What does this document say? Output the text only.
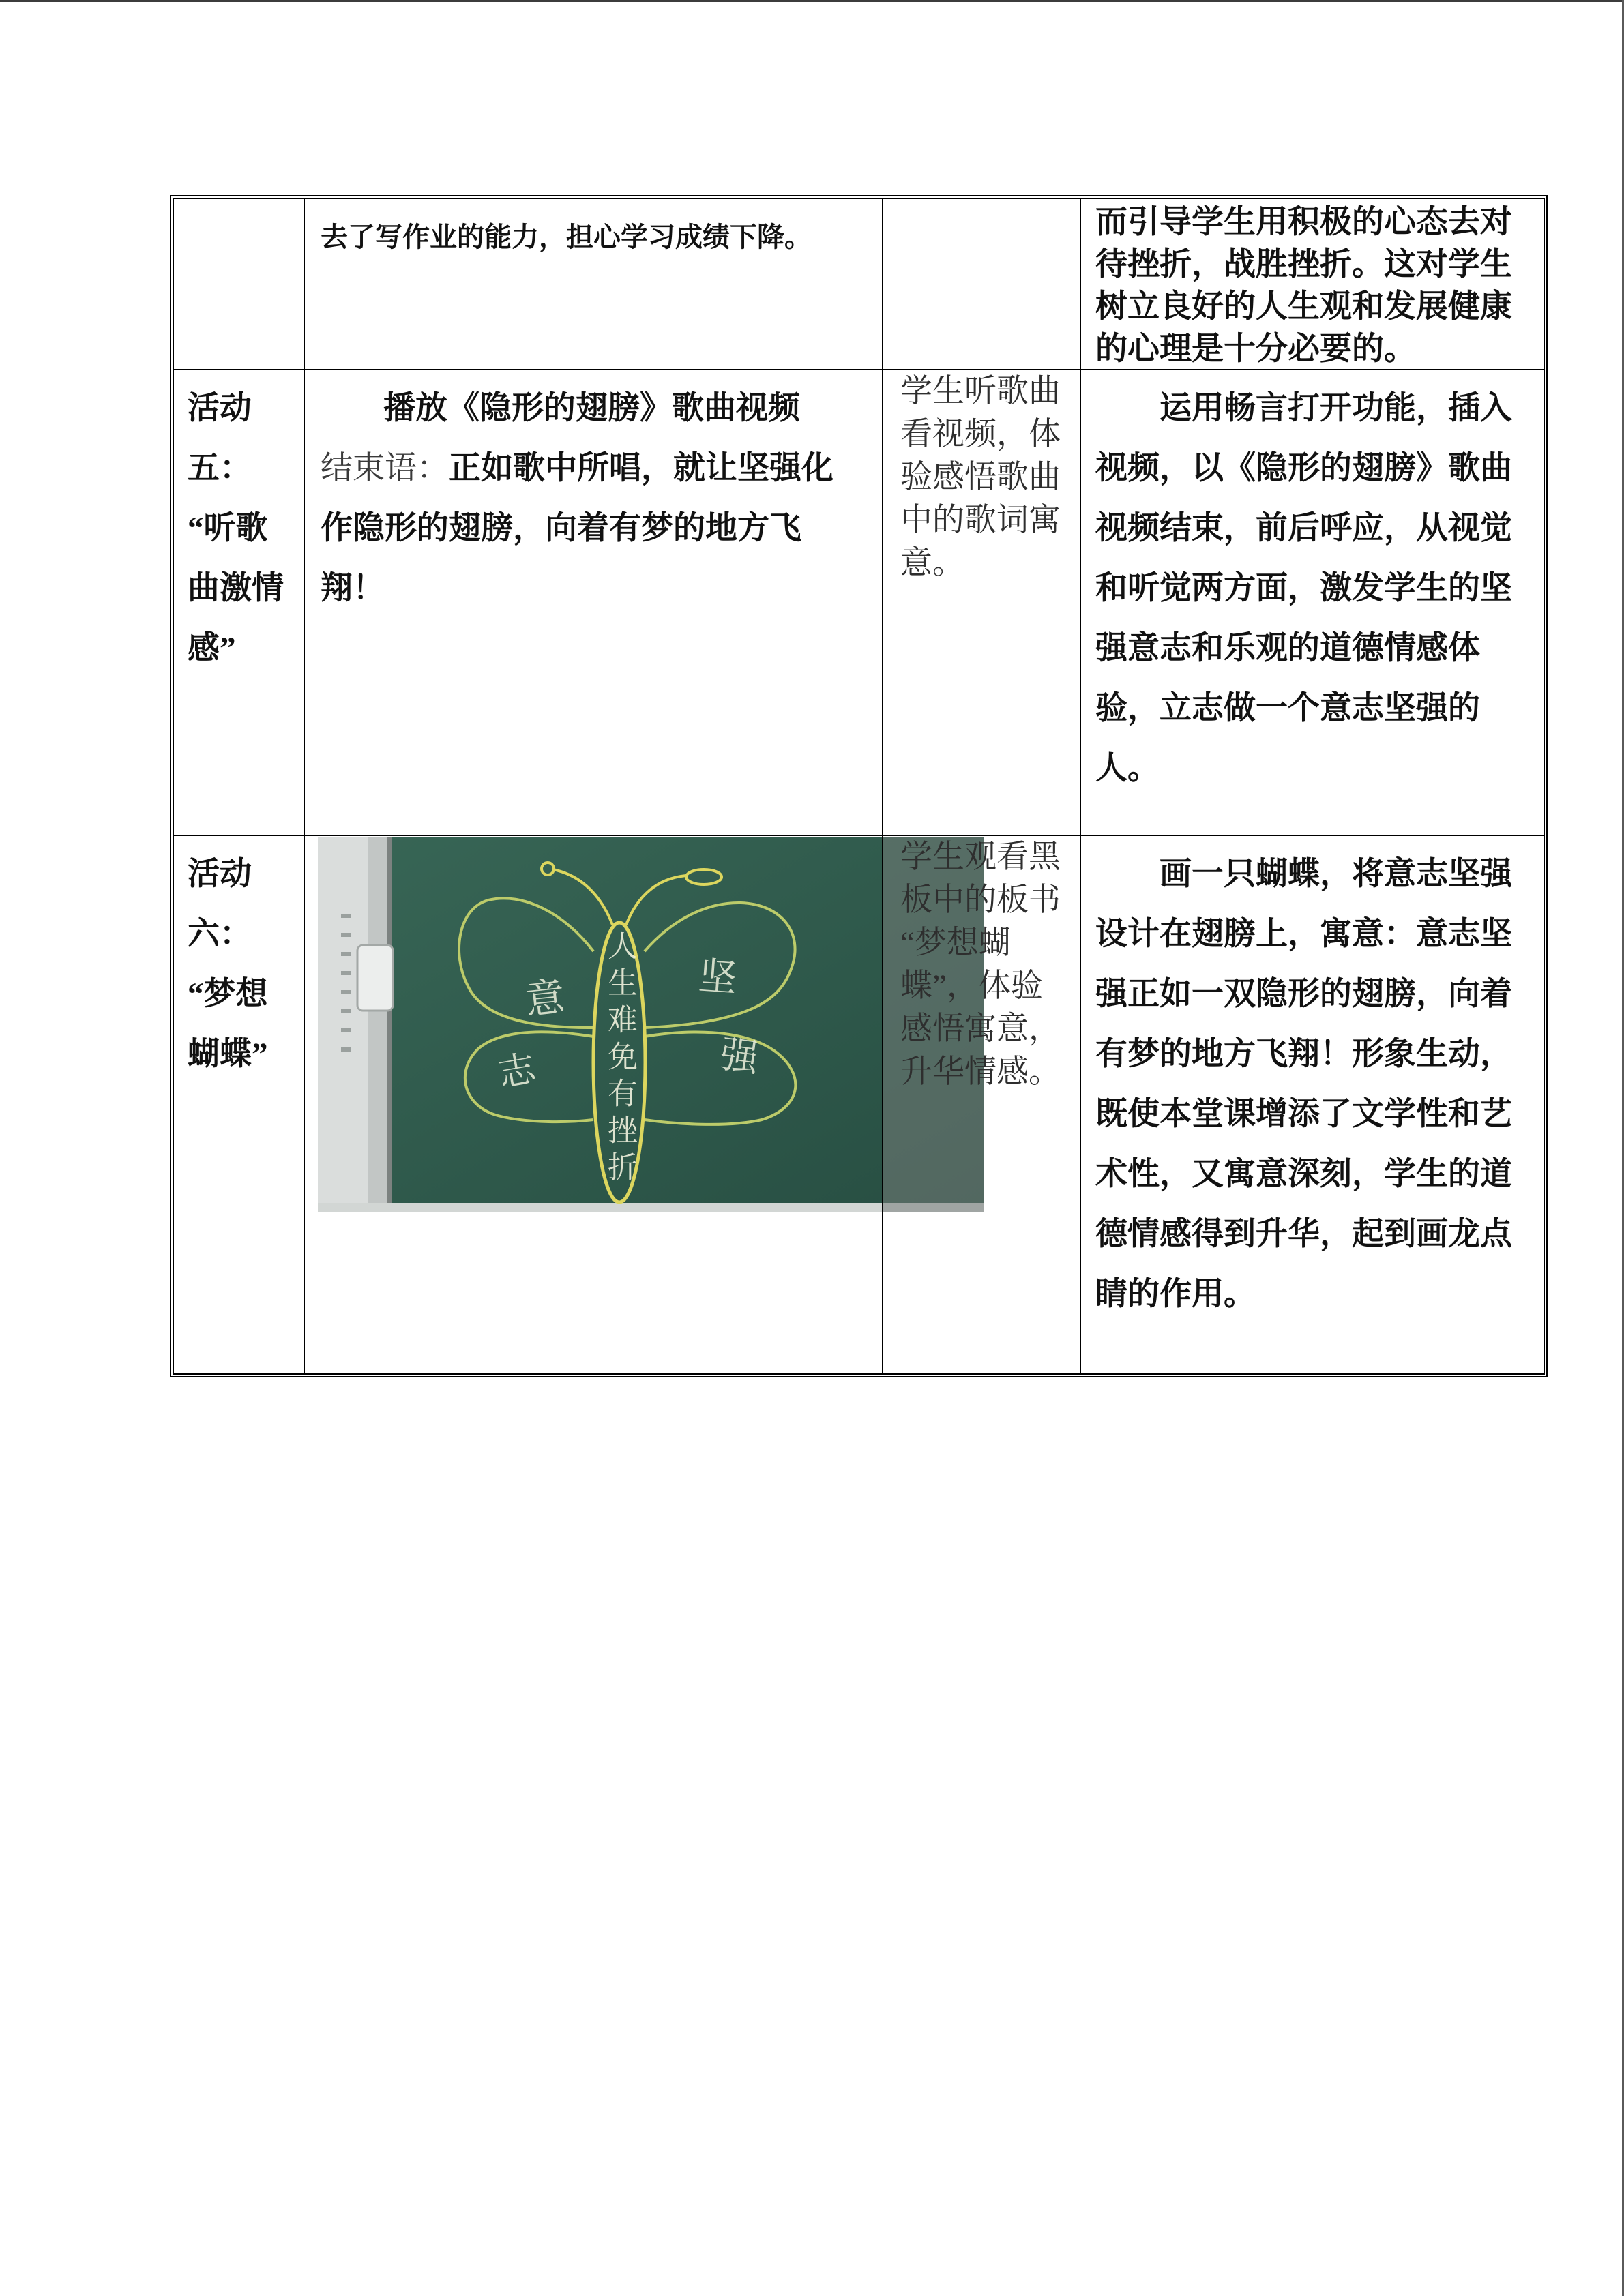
意
志
坚
强
人生难免有挫折
去了写作业的能力，担心学习成绩下降。	而引导学生用积极的心态去对
待挫折，战胜挫折。这对学生
树立良好的人生观和发展健康
的心理是十分必要的。
活动
五：
“听歌
曲激情
感”
播放《隐形的翅膀》歌曲视频
结束语：正如歌中所唱，就让坚强化
作隐形的翅膀，向着有梦的地方飞
翔！
学生听歌曲
看视频，体
验感悟歌曲
中的歌词寓
意。
运用畅言打开功能，插入
视频，以《隐形的翅膀》歌曲
视频结束，前后呼应，从视觉
和听觉两方面，激发学生的坚
强意志和乐观的道德情感体
验，立志做一个意志坚强的
人。
活动
六：
“梦想
蝴蝶”
学生观看黑
板中的板书
“梦想蝴
蝶”，体验
感悟寓意，
升华情感。
画一只蝴蝶，将意志坚强
设计在翅膀上，寓意：意志坚
强正如一双隐形的翅膀，向着
有梦的地方飞翔！形象生动，
既使本堂课增添了文学性和艺
术性，又寓意深刻，学生的道
德情感得到升华，起到画龙点
睛的作用。
